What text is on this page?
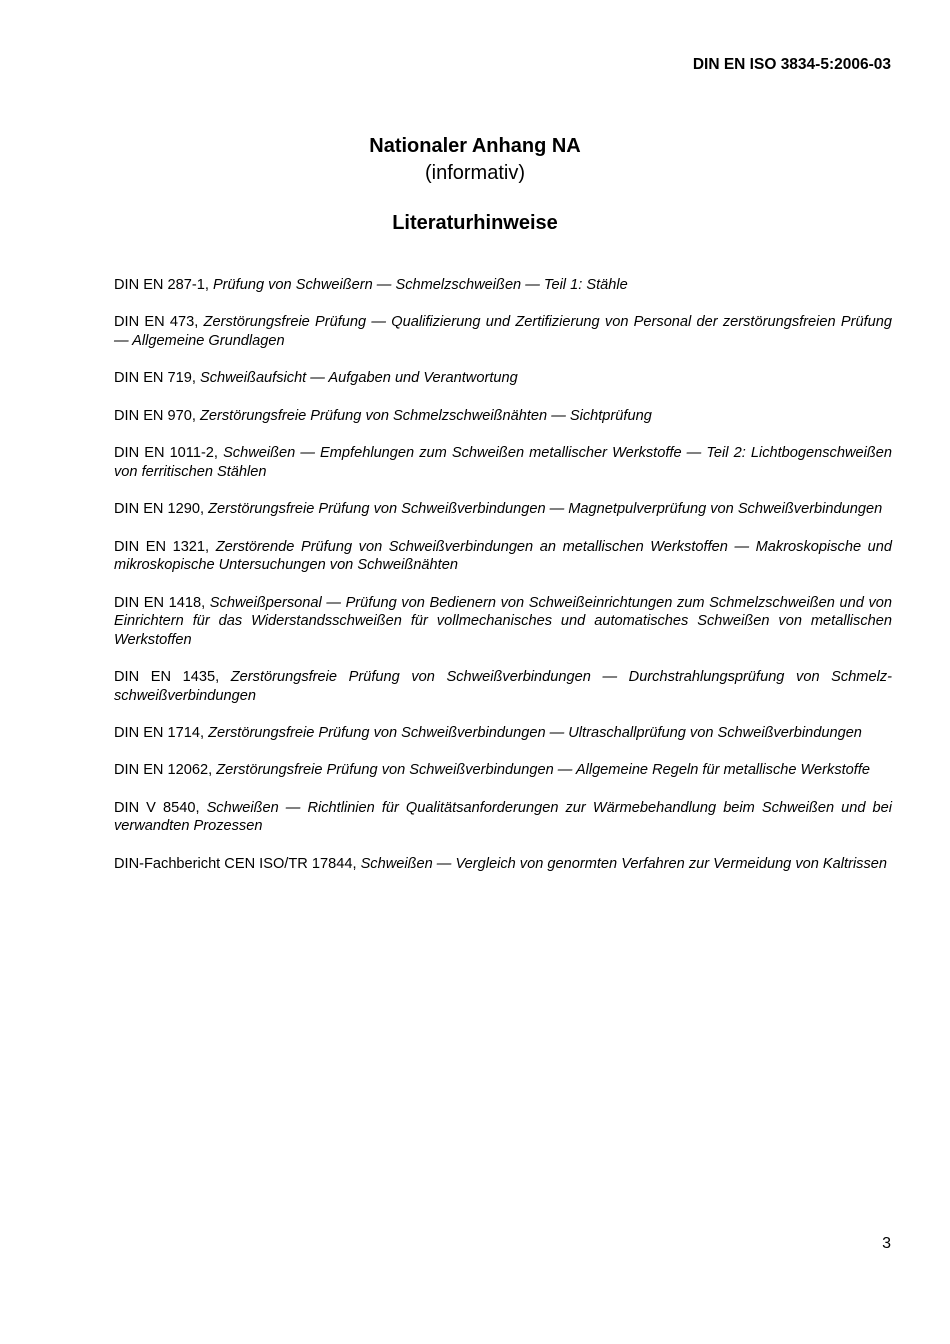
DIN EN ISO 3834-5:2006-03
Nationaler Anhang NA
(informativ)
Literaturhinweise
DIN EN 287-1, Prüfung von Schweißern — Schmelzschweißen — Teil 1: Stähle
DIN EN 473, Zerstörungsfreie Prüfung — Qualifizierung und Zertifizierung von Personal der zerstörungsfreien Prüfung — Allgemeine Grundlagen
DIN EN 719, Schweißaufsicht — Aufgaben und Verantwortung
DIN EN 970, Zerstörungsfreie Prüfung von Schmelzschweißnähten — Sichtprüfung
DIN EN 1011-2, Schweißen — Empfehlungen zum Schweißen metallischer Werkstoffe — Teil 2: Lichtbogenschweißen von ferritischen Stählen
DIN EN 1290, Zerstörungsfreie Prüfung von Schweißverbindungen — Magnetpulverprüfung von Schweißverbindungen
DIN EN 1321, Zerstörende Prüfung von Schweißverbindungen an metallischen Werkstoffen — Makroskopische und mikroskopische Untersuchungen von Schweißnähten
DIN EN 1418, Schweißpersonal — Prüfung von Bedienern von Schweißeinrichtungen zum Schmelzschweißen und von Einrichtern für das Widerstandsschweißen für vollmechanisches und automatisches Schweißen von metallischen Werkstoffen
DIN EN 1435, Zerstörungsfreie Prüfung von Schweißverbindungen — Durchstrahlungsprüfung von Schmelzschweißverbindungen
DIN EN 1714, Zerstörungsfreie Prüfung von Schweißverbindungen — Ultraschallprüfung von Schweißverbindungen
DIN EN 12062, Zerstörungsfreie Prüfung von Schweißverbindungen — Allgemeine Regeln für metallische Werkstoffe
DIN V 8540, Schweißen — Richtlinien für Qualitätsanforderungen zur Wärmebehandlung beim Schweißen und bei verwandten Prozessen
DIN-Fachbericht CEN ISO/TR 17844, Schweißen — Vergleich von genormten Verfahren zur Vermeidung von Kaltrissen
3
